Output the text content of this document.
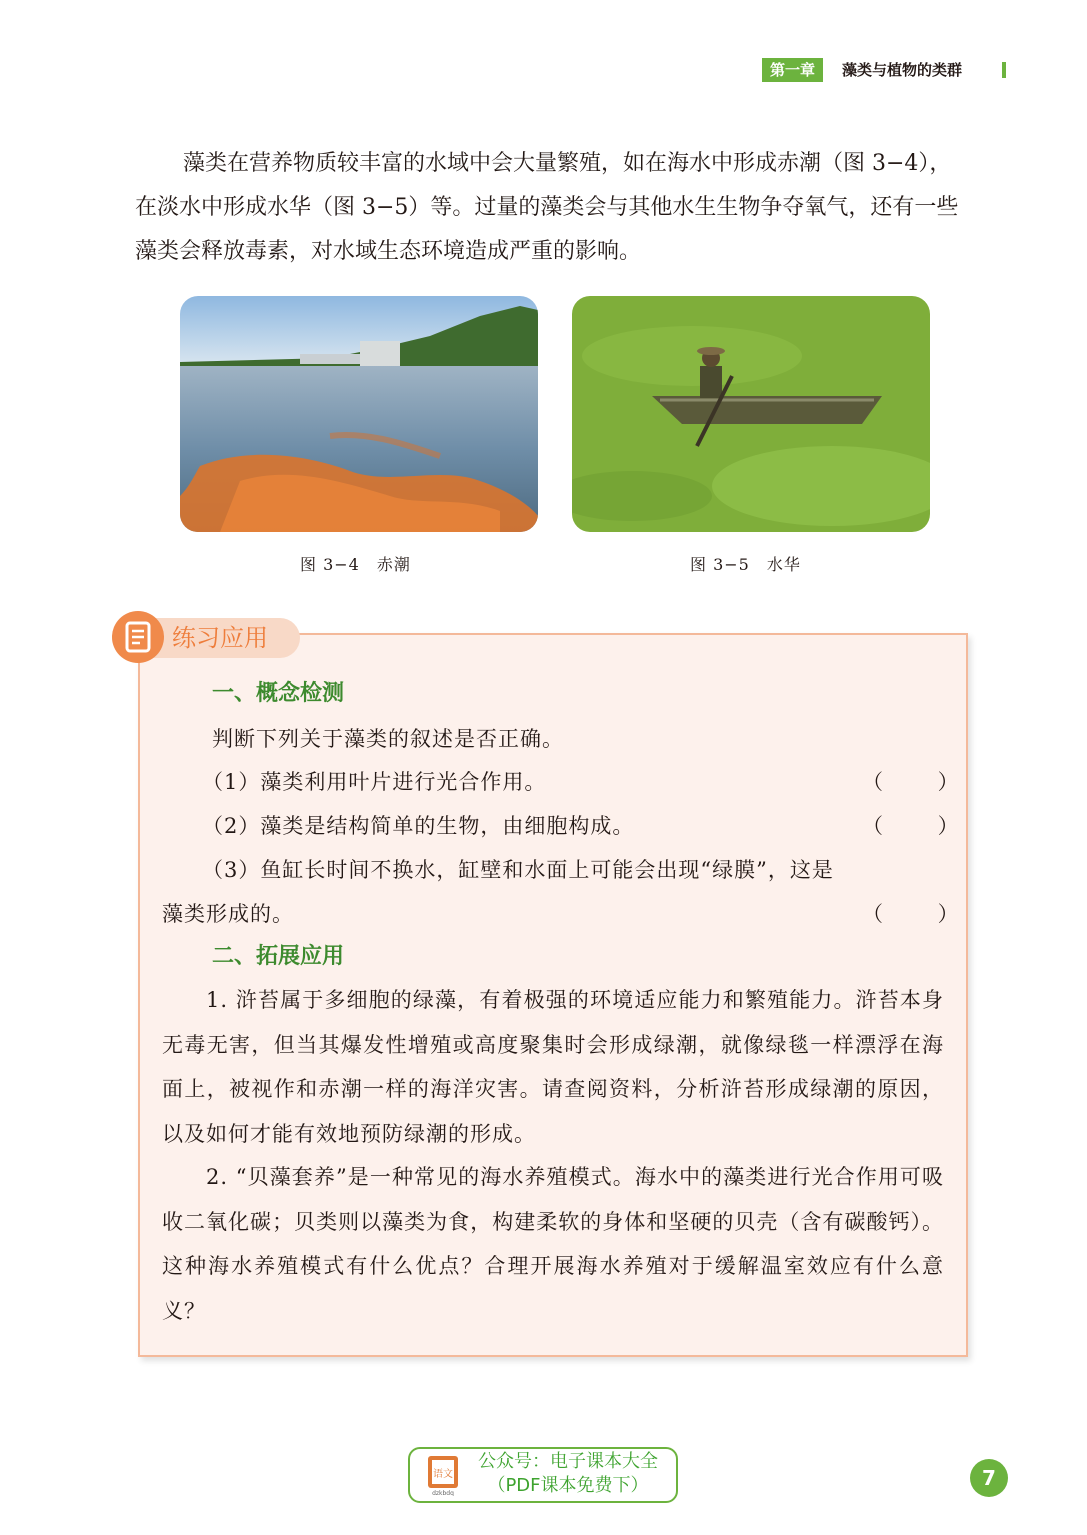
第一章	藻类与植物的类群

藻类在营养物质较丰富的水域中会大量繁殖，如在海水中形成赤潮（图 3−4），在淡水中形成水华（图 3−5）等。过量的藻类会与其他水生生物争夺氧气，还有一些藻类会释放毒素，对水域生态环境造成严重的影响。

图 3−4　赤潮	图 3−5　水华
练习应用
一、概念检测
判断下列关于藻类的叙述是否正确。
（1）藻类利用叶片进行光合作用。	（ ）
（2）藻类是结构简单的生物，由细胞构成。	（ ）
（3）鱼缸长时间不换水，缸壁和水面上可能会出现“绿膜”，这是
藻类形成的。	（ ）
二、拓展应用

1. 浒苔属于多细胞的绿藻，有着极强的环境适应能力和繁殖能力。浒苔本身无毒无害，但当其爆发性增殖或高度聚集时会形成绿潮，就像绿毯一样漂浮在海面上，被视作和赤潮一样的海洋灾害。请查阅资料，分析浒苔形成绿潮的原因，以及如何才能有效地预防绿潮的形成。

2. “贝藻套养”是一种常见的海水养殖模式。海水中的藻类进行光合作用可吸收二氧化碳；贝类则以藻类为食，构建柔软的身体和坚硬的贝壳（含有碳酸钙）。这种海水养殖模式有什么优点？合理开展海水养殖对于缓解温室效应有什么意义？

语文
dzkbdq
公众号：电子课本大全
（PDF课本免费下）	7
